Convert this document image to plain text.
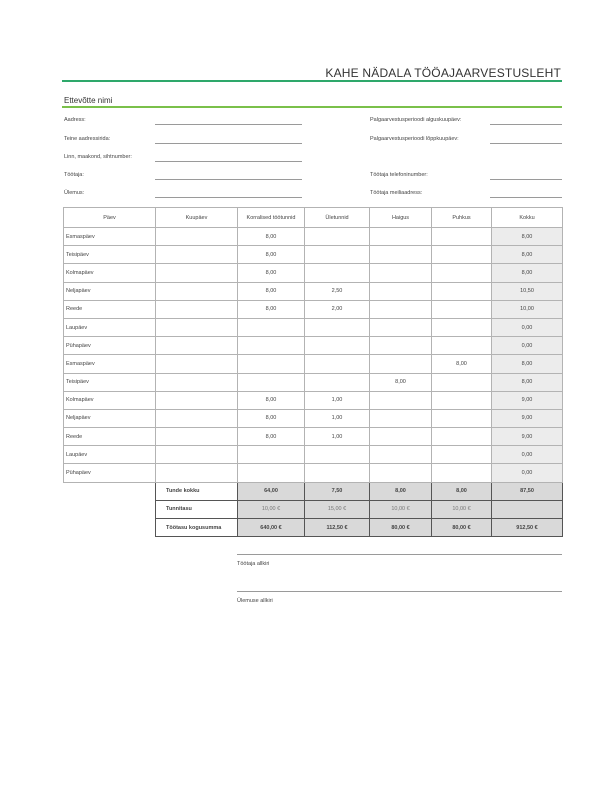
KAHE NÄDALA TÖÖAJAARVESTUSLEHT
Ettevõtte nimi
Aadress:
Teine aadressirida:
Linn, maakond, sihtnumber:
Töötaja:
Ülemus:
Palgaarvestusperioodi alguskuupäev:
Palgaarvestusperioodi lõppkuupäev:
Töötaja telefoninumber:
Töötaja meiliaadress:
Päev	Kuupäev	Korralised töötunnid	Ületunnid	Haigus	Puhkus	Kokku
Esmaspäev		8,00				8,00
Teisipäev		8,00				8,00
Kolmapäev		8,00				8,00
Neljapäev		8,00	2,50			10,50
Reede		8,00	2,00			10,00
Laupäev						0,00
Pühapäev						0,00
Esmaspäev					8,00	8,00
Teisipäev				8,00		8,00
Kolmapäev		8,00	1,00			9,00
Neljapäev		8,00	1,00			9,00
Reede		8,00	1,00			9,00
Laupäev						0,00
Pühapäev						0,00
	Tunde kokku	64,00	7,50	8,00	8,00	87,50
	Tunnitasu	10,00 €	15,00 €	10,00 €	10,00 €	
	Töötasu kogusumma	640,00 €	112,50 €	80,00 €	80,00 €	912,50 €
Töötaja allkiri
Ülemuse allkiri
